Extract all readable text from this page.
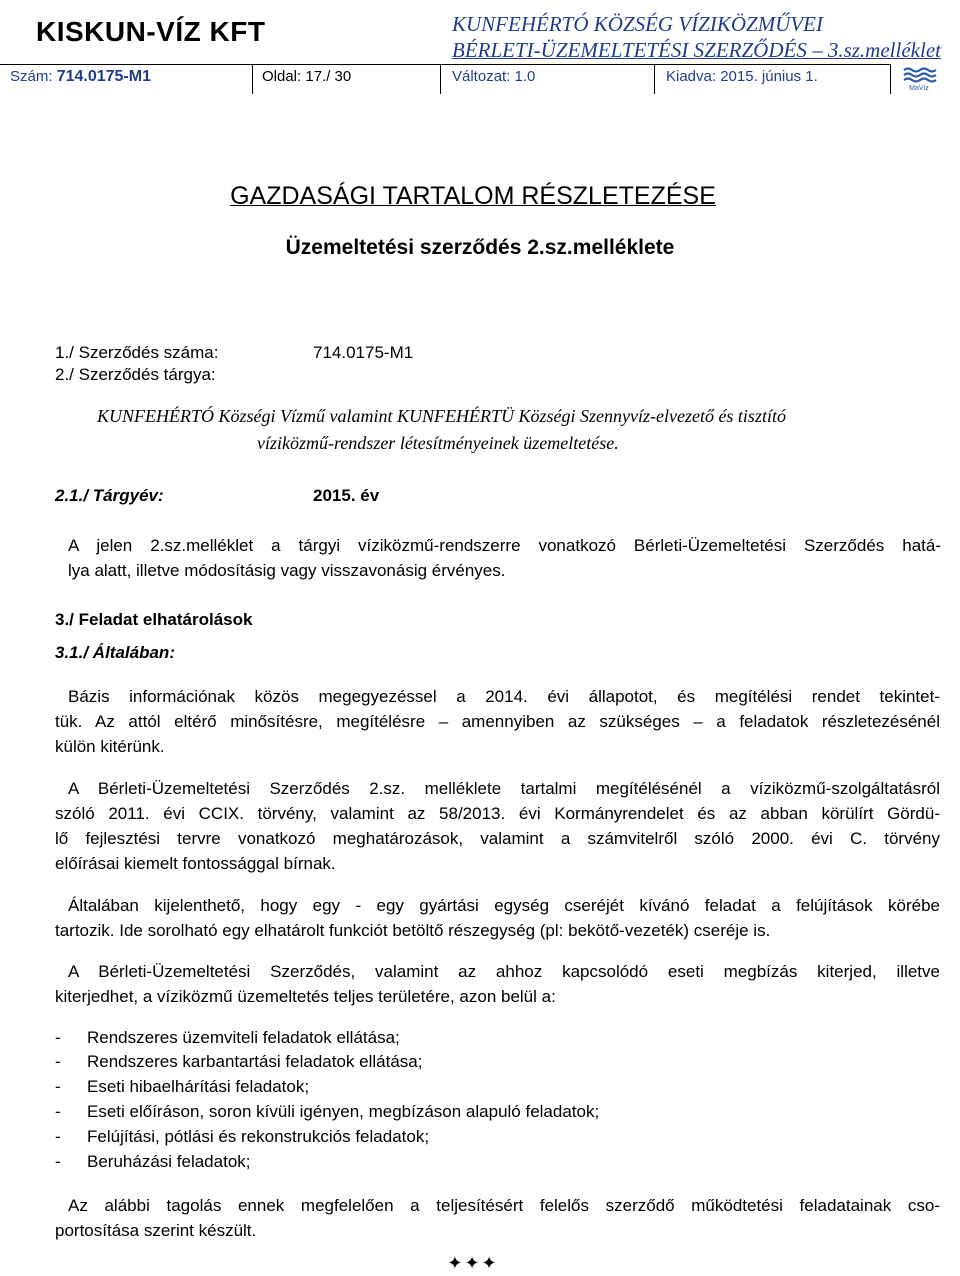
KISKUN-VÍZ KFT	KUNFEHÉRTÓ KÖZSÉG VÍZIKÖZMŰVEI
BÉRLETI-ÜZEMELTETÉSI SZERZŐDÉS – 3.sz.melléklet
Szám: 714.0175-M1	Oldal: 17./ 30	Változat: 1.0	Kiadva: 2015. június 1.
MaVíz
GAZDASÁGI TARTALOM RÉSZLETEZÉSE
Üzemeltetési szerződés 2.sz.melléklete
1./ Szerződés száma:	714.0175-M1
2./ Szerződés tárgya:
KUNFEHÉRTÓ Községi Vízmű valamint KUNFEHÉRTÜ Községi Szennyvíz-elvezető és tisztító
víziközmű-rendszer létesítményeinek üzemeltetése.
2.1./ Tárgyév:	2015. év
A jelen 2.sz.melléklet a tárgyi víziközmű-rendszerre vonatkozó Bérleti-Üzemeltetési Szerződés hatá-
lya alatt, illetve módosításig vagy visszavonásig érvényes.
3./ Feladat elhatárolások
3.1./ Általában:
Bázis információnak közös megegyezéssel a 2014. évi állapotot, és megítélési rendet tekintet-
tük. Az attól eltérő minősítésre, megítélésre – amennyiben az szükséges – a feladatok részletezésénél
külön kitérünk.
A Bérleti-Üzemeltetési Szerződés 2.sz. melléklete tartalmi megítélésénél a víziközmű-szolgáltatásról
szóló 2011. évi CCIX. törvény, valamint az 58/2013. évi Kormányrendelet és az abban körülírt Gördü-
lő fejlesztési tervre vonatkozó meghatározások, valamint a számvitelről szóló 2000. évi C. törvény
előírásai kiemelt fontossággal bírnak.
Általában kijelenthető, hogy egy - egy gyártási egység cseréjét kívánó feladat a felújítások körébe
tartozik. Ide sorolható egy elhatárolt funkciót betöltő részegység (pl: bekötő-vezeték) cseréje is.
A Bérleti-Üzemeltetési Szerződés, valamint az ahhoz kapcsolódó eseti megbízás kiterjed, illetve
kiterjedhet, a víziközmű üzemeltetés teljes területére, azon belül a:
- Rendszeres üzemviteli feladatok ellátása;
- Rendszeres karbantartási feladatok ellátása;
- Eseti hibaelhárítási feladatok;
- Eseti előíráson, soron kívüli igényen, megbízáson alapuló feladatok;
- Felújítási, pótlási és rekonstrukciós feladatok;
- Beruházási feladatok;
Az alábbi tagolás ennek megfelelően a teljesítésért felelős szerződő működtetési feladatainak cso-
portosítása szerint készült.
✦✦✦
